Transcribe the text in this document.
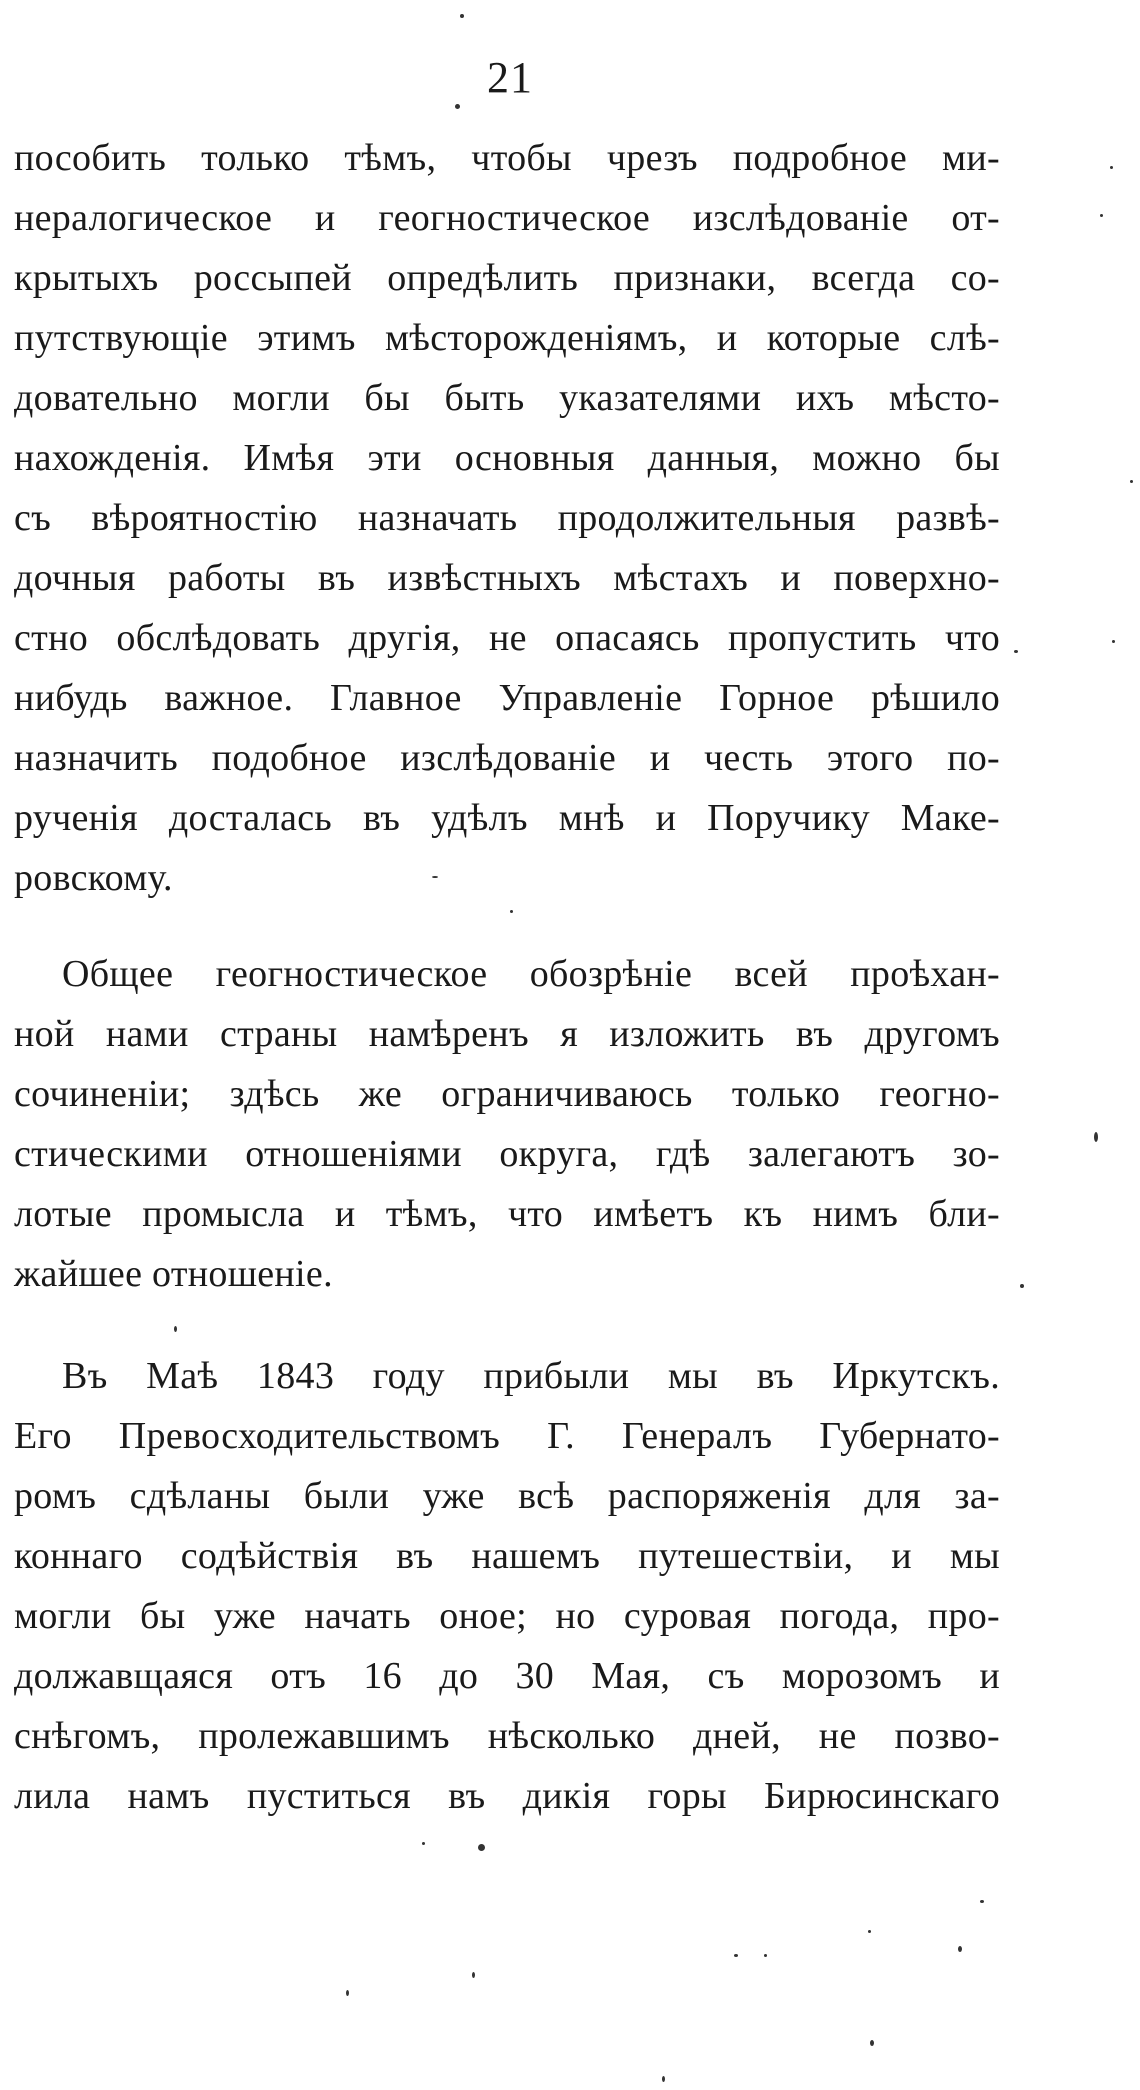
21
пособить только тѣмъ, чтобы чрезъ подробное ми-
нералогическое и геогностическое изслѣдованіе от-
крытыхъ россыпей опредѣлить признаки, всегда со-
путствующіе этимъ мѣсторожденіямъ, и которые слѣ-
довательно могли бы быть указателями ихъ мѣсто-
нахожденія. Имѣя эти основныя данныя, можно бы
съ вѣроятностію назначать продолжительныя развѣ-
дочныя работы въ извѣстныхъ мѣстахъ и поверхно-
стно обслѣдовать другія, не опасаясь пропустить что
нибудь важное. Главное Управленіе Горное рѣшило
назначить подобное изслѣдованіе и честь этого по-
рученія досталась въ удѣлъ мнѣ и Поручику Маке-
ровскому.
Общее геогностическое обозрѣніе всей проѣхан-
ной нами страны намѣренъ я изложить въ другомъ
сочиненіи; здѣсь же ограничиваюсь только геогно-
стическими отношеніями округа, гдѣ залегаютъ зо-
лотые промысла и тѣмъ, что имѣетъ къ нимъ бли-
жайшее отношеніе.
Въ Маѣ 1843 году прибыли мы въ Иркутскъ.
Его Превосходительствомъ Г. Генералъ Губернато-
ромъ сдѣланы были уже всѣ распоряженія для за-
коннаго содѣйствія въ нашемъ путешествіи, и мы
могли бы уже начать оное; но суровая погода, про-
должавщаяся отъ 16 до 30 Мая, съ морозомъ и
снѣгомъ, пролежавшимъ нѣсколько дней, не позво-
лила намъ пуститься въ дикія горы Бирюсинскаго
